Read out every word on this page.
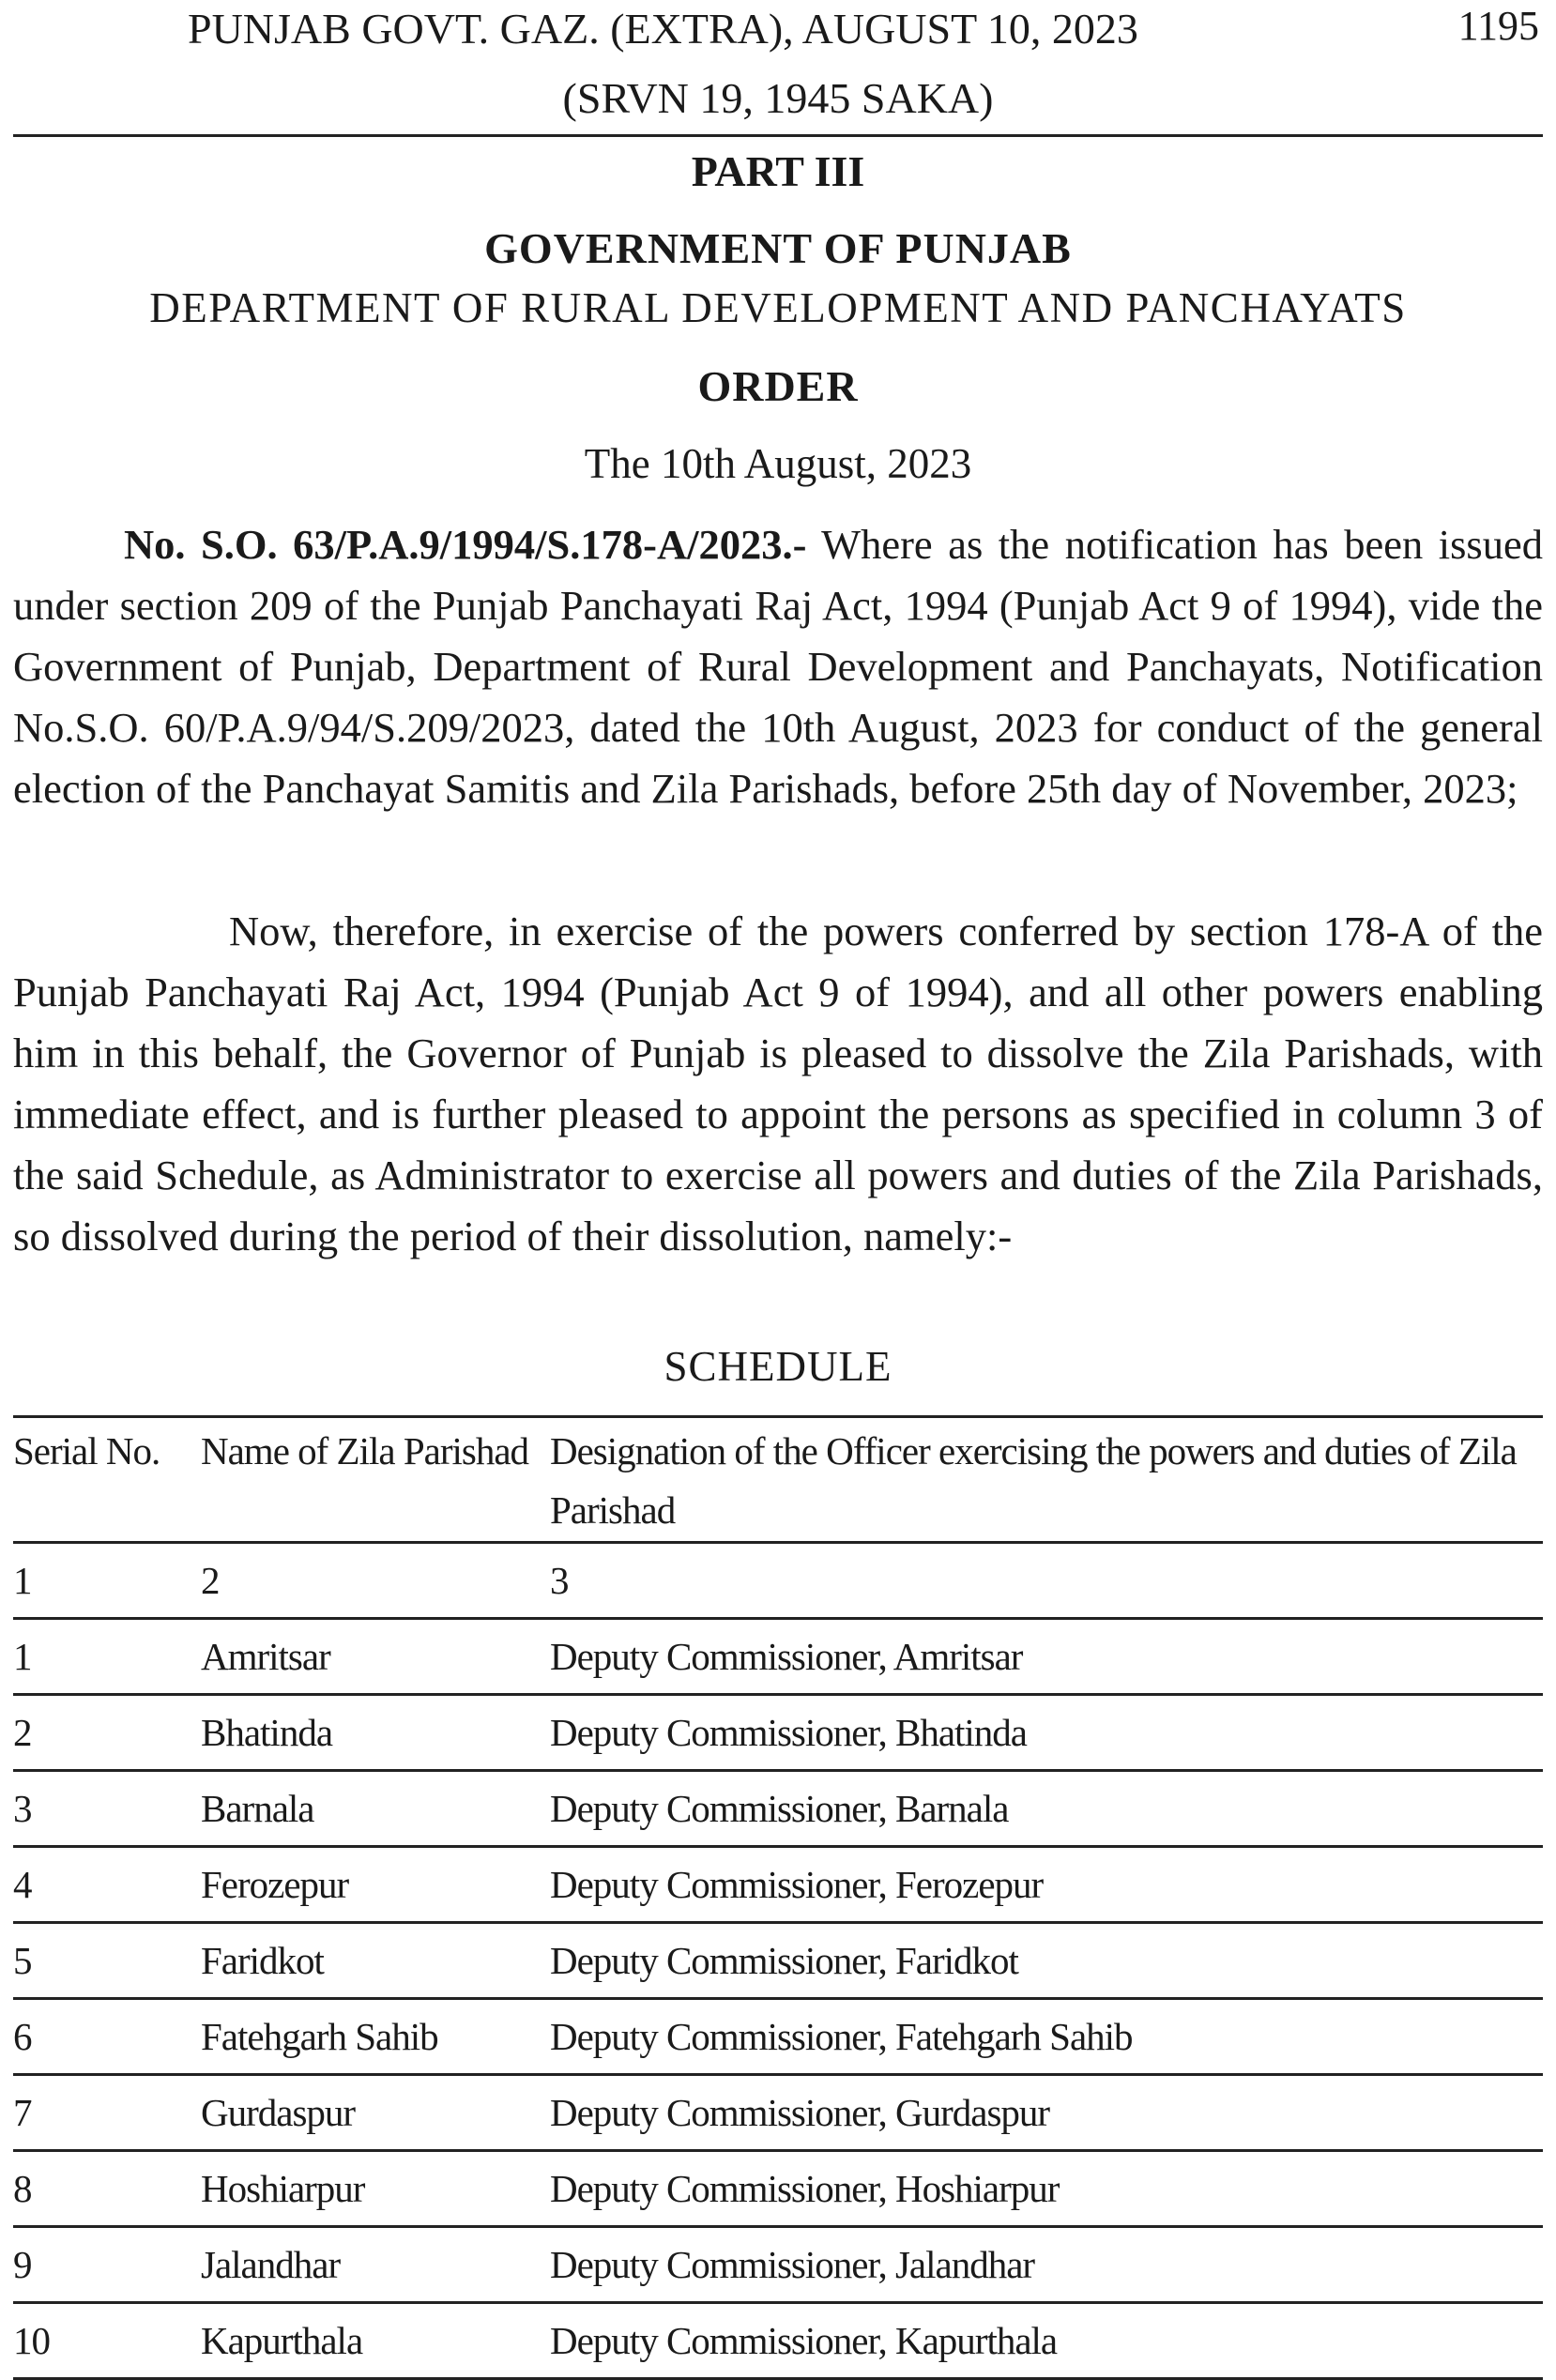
PUNJAB GOVT. GAZ. (EXTRA), AUGUST 10, 2023	1195
(SRVN 19, 1945 SAKA)
PART III
GOVERNMENT OF PUNJAB
DEPARTMENT OF RURAL DEVELOPMENT AND PANCHAYATS
ORDER
The 10th August, 2023
No. S.O. 63/P.A.9/1994/S.178-A/2023.- Where as the notification has been issued under section 209 of the Punjab Panchayati Raj Act, 1994 (Punjab Act 9 of 1994), vide the Government of Punjab, Department of Rural Development and Panchayats, Notification No.S.O. 60/P.A.9/94/S.209/2023, dated the 10th August, 2023 for conduct of the general election of the Panchayat Samitis and Zila Parishads, before 25th day of November, 2023;
Now, therefore, in exercise of the powers conferred by section 178-A of the Punjab Panchayati Raj Act, 1994 (Punjab Act 9 of 1994), and all other powers enabling him in this behalf, the Governor of Punjab is pleased to dissolve the Zila Parishads, with immediate effect, and is further pleased to appoint the persons as specified in column 3 of the said Schedule, as Administrator to exercise all powers and duties of the Zila Parishads, so dissolved during the period of their dissolution, namely:-
SCHEDULE
Serial No.	Name of Zila Parishad	Designation of the Officer exercising the powers and duties of Zila Parishad
1	2	3
1	Amritsar	Deputy Commissioner, Amritsar
2	Bhatinda	Deputy Commissioner, Bhatinda
3	Barnala	Deputy Commissioner, Barnala
4	Ferozepur	Deputy Commissioner, Ferozepur
5	Faridkot	Deputy Commissioner, Faridkot
6	Fatehgarh Sahib	Deputy Commissioner, Fatehgarh Sahib
7	Gurdaspur	Deputy Commissioner, Gurdaspur
8	Hoshiarpur	Deputy Commissioner, Hoshiarpur
9	Jalandhar	Deputy Commissioner, Jalandhar
10	Kapurthala	Deputy Commissioner, Kapurthala
